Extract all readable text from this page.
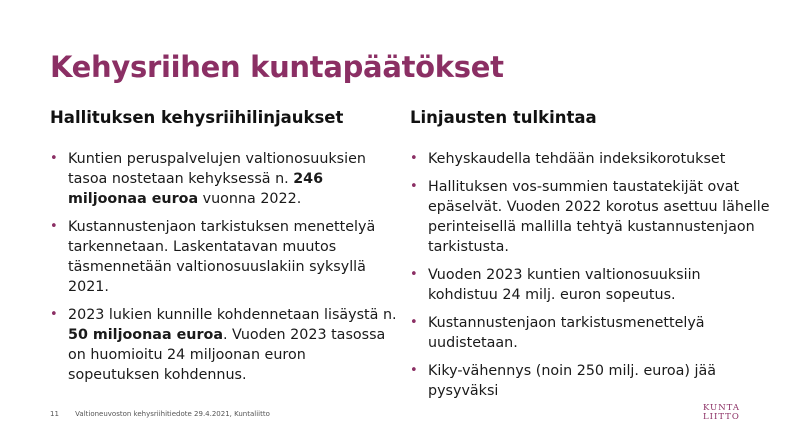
Kehysriihen kuntapäätökset
Hallituksen kehysriihilinjaukset
• Kuntien peruspalvelujen valtionosuuksien tasoa nostetaan kehyksessä n. 246 miljoonaa euroa vuonna 2022.
• Kustannustenjaon tarkistuksen menettelyä tarkennetaan. Laskentatavan muutos täsmennetään valtionosuuslakiin syksyllä 2021.
• 2023 lukien kunnille kohdennetaan lisäystä n. 50 miljoonaa euroa. Vuoden 2023 tasossa on huomioitu 24 miljoonan euron sopeutuksen kohdennus.
Linjausten tulkintaa
• Kehyskaudella tehdään indeksikorotukset
• Hallituksen vos-summien taustatekijät ovat epäselvät. Vuoden 2022 korotus asettuu lähelle perinteisellä mallilla tehtyä kustannustenjaon tarkistusta.
• Vuoden 2023 kuntien valtionosuuksiin kohdistuu 24 milj. euron sopeutus.
• Kustannustenjaon tarkistusmenettelyä uudistetaan.
• Kiky-vähennys (noin 250 milj. euroa) jää pysyväksi
11 Valtioneuvoston kehysriihitiedote 29.4.2021, Kuntaliitto
KUNTA
LIITTO
